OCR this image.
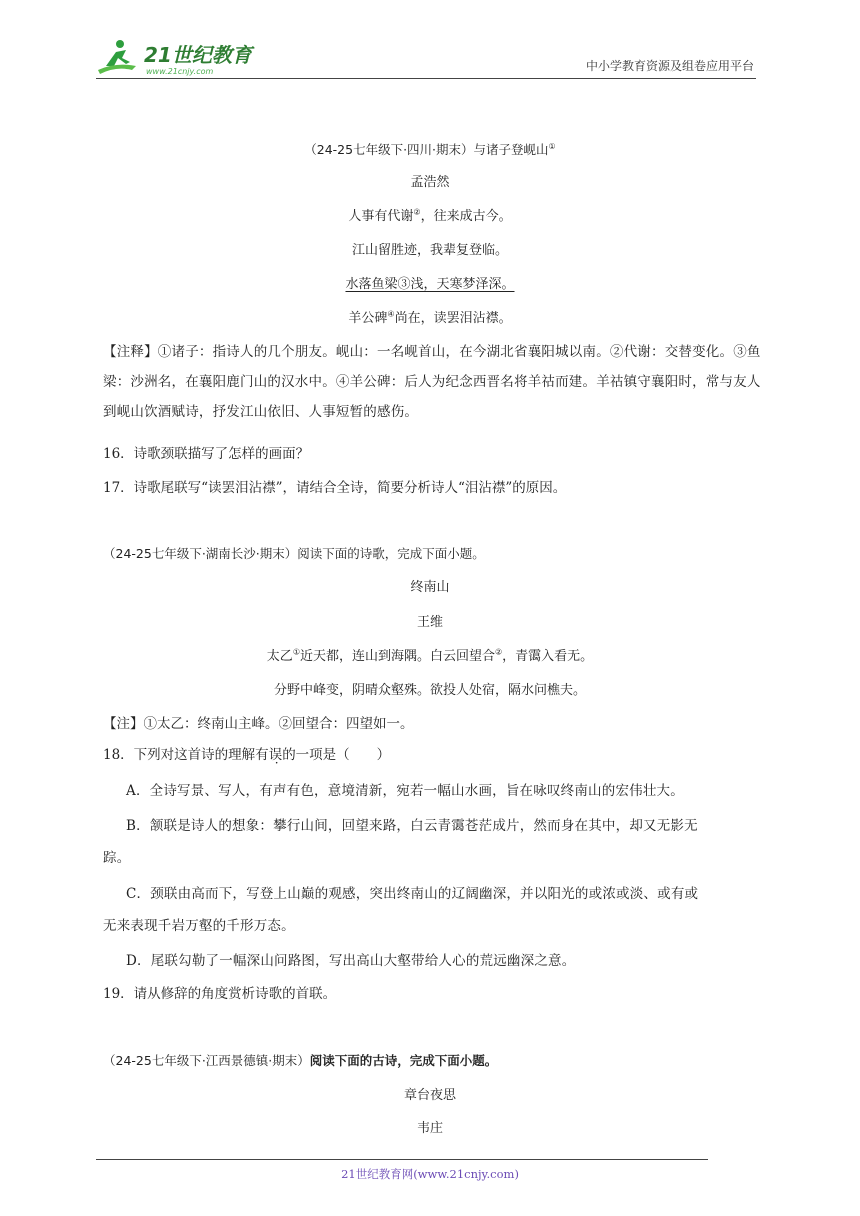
21世纪教育
www.21cnjy.com	中小学教育资源及组卷应用平台
（24-25七年级下·四川·期末）与诸子登岘山①
孟浩然
人事有代谢②，往来成古今。
江山留胜迹，我辈复登临。
水落鱼梁③浅，天寒梦泽深。
羊公碑④尚在，读罢泪沾襟。
【注释】①诸子：指诗人的几个朋友。岘山：一名岘首山，在今湖北省襄阳城以南。②代谢：交替变化。③鱼梁：沙洲名，在襄阳鹿门山的汉水中。④羊公碑：后人为纪念西晋名将羊祜而建。羊祜镇守襄阳时，常与友人到岘山饮酒赋诗，抒发江山依旧、人事短暂的感伤。
16．诗歌颈联描写了怎样的画面？
17．诗歌尾联写“读罢泪沾襟”，请结合全诗，简要分析诗人“泪沾襟”的原因。
（24-25七年级下·湖南长沙·期末）阅读下面的诗歌，完成下面小题。
终南山
王维
太乙①近天都，连山到海隅。白云回望合②，青霭入看无。
分野中峰变，阴晴众壑殊。欲投人处宿，隔水问樵夫。
【注】①太乙：终南山主峰。②回望合：四望如一。
18．下列对这首诗的理解有误的一项是（　　）
A．全诗写景、写人，有声有色，意境清新，宛若一幅山水画，旨在咏叹终南山的宏伟壮大。
B．颔联是诗人的想象：攀行山间，回望来路，白云青霭苍茫成片，然而身在其中，却又无影无
踪。
C．颈联由高而下，写登上山巅的观感，突出终南山的辽阔幽深，并以阳光的或浓或淡、或有或
无来表现千岩万壑的千形万态。
D．尾联勾勒了一幅深山问路图，写出高山大壑带给人心的荒远幽深之意。
19．请从修辞的角度赏析诗歌的首联。
（24-25七年级下·江西景德镇·期末）阅读下面的古诗，完成下面小题。
章台夜思
韦庄
21世纪教育网(www.21cnjy.com)
